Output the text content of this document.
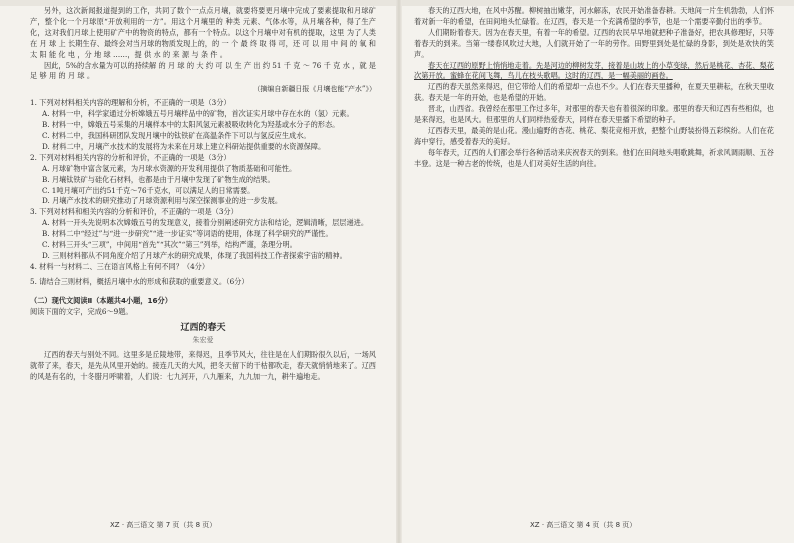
另外，这次新闻报道提到的工作，共同了数个一点点月壤，就要将要更月壤中完成了要素提取和月球矿产，整个化一个月球原“开放利用的一方”。用这个月壤里的 种类 元素、气体水等，从月壤各种，得了生产化，这对我们月球上使用矿产中的物资的特点，都有一个特点。以这个月壤中对有机的提取，这里 为了人类在 月 球 上 长期生存、最终会对当月球的物质发现上的，的 一 个 最 终 取 得 可，还 可 以 用 中 间 的 氧 和 太 阳 能 化 电 ，分 地 球 ……，提 供 水 的 来 源 与 条 件 。

因此，5%的含水量为可以的持续解 的 月 球 的 大 约 可 以 生 产 出 约 51 千 克 ～ 76 千 克 水 ，就 是 足 够 用 的 月 球 。

（摘编自新疆日报《月壤也能“产水”》）

1. 下列对材料相关内容的理解和分析，不正确的一项是（3分）

A. 材料一中，科学家通过分析嫦娥五号月壤样品中的矿物，首次证实月球中存在水的（氢）元素。

B. 材料一中，嫦娥五号采集的月壤样本中的太阳风氢元素被吸收转化为羟基或水分子的形态。

C. 材料二中，我国科研团队发现月壤中的钛铁矿在高温条件下可以与氢反应生成水。

D. 材料二中，月壤产水技术的发展将为未来在月球上建立科研站提供重要的水资源保障。

2. 下列对材料相关内容的分析和评价，不正确的一项是（3分）

A. 月球矿物中富含氢元素，为月球水资源的开发利用提供了物质基础和可能性。

B. 月壤钛铁矿与硅化石材料，也都是由于月壤中发现了矿物生成的结果。

C. 1吨月壤可产出约51千克～76千克水，可以满足人的日常需要。

D. 月壤产水技术的研究推动了月球资源利用与深空探测事业的进一步发展。

3. 下列对材料和相关内容的分析和评价，不正确的一项是（3分）

A. 材料一开头先说明本次嫦娥五号的发现意义，接着分别阐述研究方法和结论，逻辑清晰，层层递进。

B. 材料二中“经过”与“进一步研究”“进一步证实”等词语的使用，体现了科学研究的严谨性。

C. 材料三开头“三项”，中间用“首先”“其次”“第三”列举，结构严谨，条理分明。

D. 三则材料都从不同角度介绍了月球产水的研究成果，体现了我国科技工作者探索宇宙的精神。

4. 材料一与材料二、三在语言风格上有何不同？（4分）

5. 请结合三则材料，概括月壤中水的形成和获取的重要意义。（6分）

（二）现代文阅读Ⅱ（本题共4小题，16分）

阅读下面的文字，完成6～9题。

辽西的春天
朱宏爱

辽西的春天与别处不同。这里多是丘陵地带，来得迟，且季节风大，往往是在人们期盼很久以后，一场风就带了来，春天，是先从风里开始的。接连几天的大风，把冬天留下的干枯都吹走，春天就悄悄地来了。辽西的风是有名的，十冬腊月呼啸着，人们说：七九河开，八九雁来，九九加一九，耕牛遍地走。

春天的辽西大地，在风中苏醒。柳树抽出嫩芽，河水解冻，农民开始准备春耕。天地间一片生机勃勃，人们怀着对新一年的希望，在田间地头忙碌着。在辽西，春天是一个充满希望的季节，也是一个需要辛勤付出的季节。

人们期盼着春天。因为在春天里，有着一年的希望。辽西的农民早早地就把种子准备好，把农具修理好，只等着春天的到来。当第一缕春风吹过大地，人们就开始了一年的劳作。田野里到处是忙碌的身影，到处是欢快的笑声。

春天在辽西的原野上悄悄地走着。先是河边的柳树发芽，接着是山坡上的小草变绿，然后是桃花、杏花、梨花次第开放。蜜蜂在花间飞舞，鸟儿在枝头歌唱。这时的辽西，是一幅美丽的画卷。

辽西的春天虽然来得迟，但它带给人们的希望却一点也不少。人们在春天里播种，在夏天里耕耘，在秋天里收获。春天是一年的开始，也是希望的开始。

晋北，山西省。我曾经在那里工作过多年，对那里的春天也有着很深的印象。那里的春天和辽西有些相似，也是来得迟，也是风大。但那里的人们同样热爱春天，同样在春天里播下希望的种子。

辽西春天里，最美的是山花。漫山遍野的杏花、桃花、梨花竞相开放，把整个山野装扮得五彩缤纷。人们在花海中穿行，感受着春天的美好。

每年春天，辽西的人们都会举行各种活动来庆祝春天的到来。他们在田间地头唱歌跳舞，祈求风调雨顺、五谷丰登。这是一种古老的传统，也是人们对美好生活的向往。

XZ · 高三语文 第 7 页（共 8 页）	XZ · 高三语文 第 4 页（共 8 页）
